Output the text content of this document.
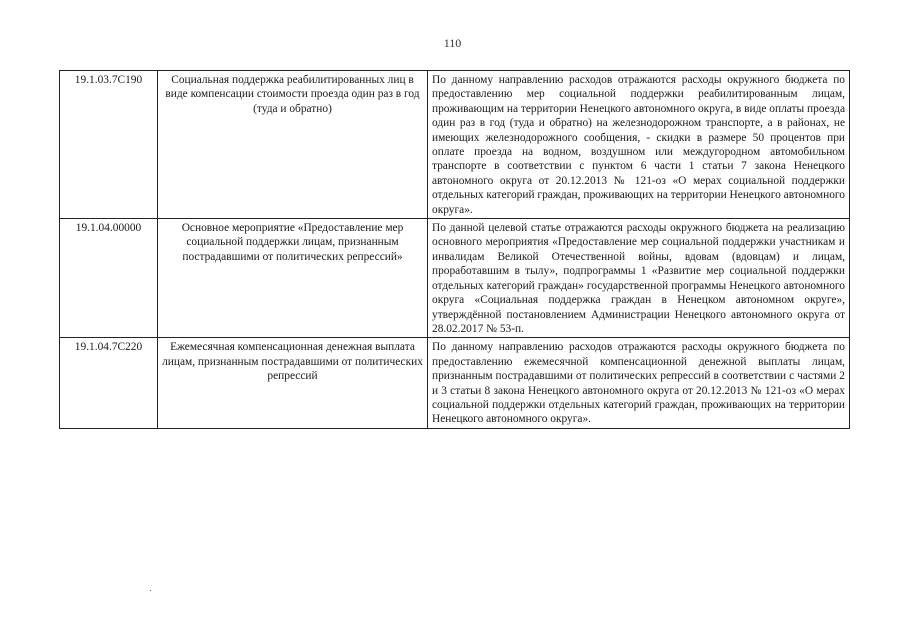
110
19.1.03.7С190	Социальная поддержка реабилитированных лиц в виде компенсации стоимости проезда один раз в год (туда и обратно)	По данному направлению расходов отражаются расходы окружного бюджета по предоставлению мер социальной поддержки реабилитированным лицам, проживающим на территории Ненецкого автономного округа, в виде оплаты проезда один раз в год (туда и обратно) на железнодорожном транспорте, а в районах, не имеющих железнодорожного сообщения, - скидки в размере 50 процентов при оплате проезда на водном, воздушном или междугородном автомобильном транспорте в соответствии с пунктом 6 части 1 статьи 7 закона Ненецкого автономного округа от 20.12.2013 № 121-оз «О мерах социальной поддержки отдельных категорий граждан, проживающих на территории Ненецкого автономного округа».

19.1.04.00000	Основное мероприятие «Предоставление мер социальной поддержки лицам, признанным пострадавшими от политических репрессий»	По данной целевой статье отражаются расходы окружного бюджета на реализацию основного мероприятия «Предоставление мер социальной поддержки участникам и инвалидам Великой Отечественной войны, вдовам (вдовцам) и лицам, проработавшим в тылу», подпрограммы 1 «Развитие мер социальной поддержки отдельных категорий граждан» государственной программы Ненецкого автономного округа «Социальная поддержка граждан в Ненецком автономном округе», утверждённой постановлением Администрации Ненецкого автономного округа от 28.02.2017 № 53-п.

19.1.04.7С220	Ежемесячная компенсационная денежная выплата лицам, признанным пострадавшими от политических репрессий	По данному направлению расходов отражаются расходы окружного бюджета по предоставлению ежемесячной компенсационной денежной выплаты лицам, признанным пострадавшими от политических репрессий в соответствии с частями 2 и 3 статьи 8 закона Ненецкого автономного округа от 20.12.2013 № 121-оз «О мерах социальной поддержки отдельных категорий граждан, проживающих на территории Ненецкого автономного округа».
